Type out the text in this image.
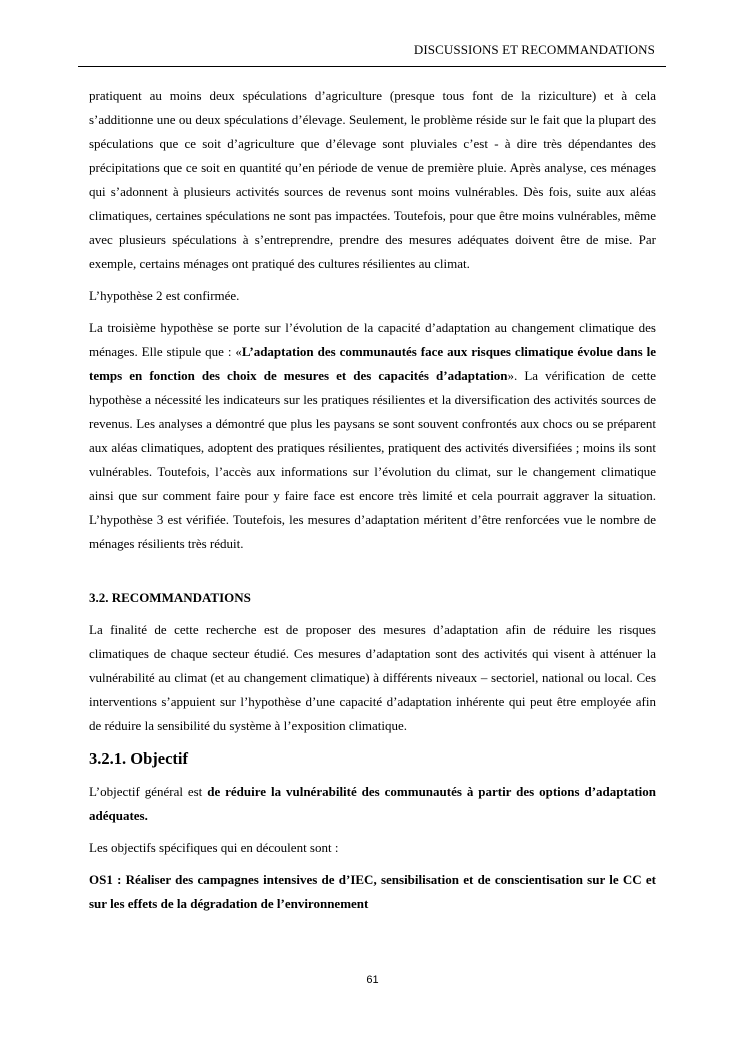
DISCUSSIONS ET RECOMMANDATIONS

pratiquent au moins deux spéculations d’agriculture (presque tous font de la riziculture) et à cela s’additionne une ou deux spéculations d’élevage. Seulement, le problème réside sur le fait que la plupart des spéculations que ce soit d’agriculture que d’élevage sont pluviales c’est - à dire très dépendantes des précipitations que ce soit en quantité qu’en période de venue de première pluie. Après analyse, ces ménages qui s’adonnent à plusieurs activités sources de revenus sont moins vulnérables. Dès fois, suite aux aléas climatiques, certaines spéculations ne sont pas impactées. Toutefois, pour que être moins vulnérables, même avec plusieurs spéculations à s’entreprendre, prendre des mesures adéquates doivent être de mise. Par exemple, certains ménages ont pratiqué des cultures résilientes au climat.

L’hypothèse 2 est confirmée.

La troisième hypothèse se porte sur l’évolution de la capacité d’adaptation au changement climatique des ménages. Elle stipule que : «L’adaptation des communautés face aux risques climatique évolue dans le temps en fonction des choix de mesures et des capacités d’adaptation». La vérification de cette hypothèse a nécessité les indicateurs sur les pratiques résilientes et la diversification des activités sources de revenus. Les analyses a démontré que plus les paysans se sont souvent confrontés aux chocs ou se préparent aux aléas climatiques, adoptent des pratiques résilientes, pratiquent des activités diversifiées ; moins ils sont vulnérables. Toutefois, l’accès aux informations sur l’évolution du climat, sur le changement climatique ainsi que sur comment faire pour y faire face est encore très limité et cela pourrait aggraver la situation. L’hypothèse 3 est vérifiée. Toutefois, les mesures d’adaptation méritent d’être renforcées vue le nombre de ménages résilients très réduit.

3.2. RECOMMANDATIONS

La finalité de cette recherche est de proposer des mesures d’adaptation afin de réduire les risques climatiques de chaque secteur étudié. Ces mesures d’adaptation sont des activités qui visent à atténuer la vulnérabilité au climat (et au changement climatique) à différents niveaux – sectoriel, national ou local. Ces interventions s’appuient sur l’hypothèse d’une capacité d’adaptation inhérente qui peut être employée afin de réduire la sensibilité du système à l’exposition climatique.

3.2.1. Objectif

L’objectif général est de réduire la vulnérabilité des communautés à partir des options d’adaptation adéquates.

Les objectifs spécifiques qui en découlent sont :

OS1 : Réaliser des campagnes intensives de d’IEC, sensibilisation et de conscientisation sur le CC et sur les effets de la dégradation de l’environnement

61
